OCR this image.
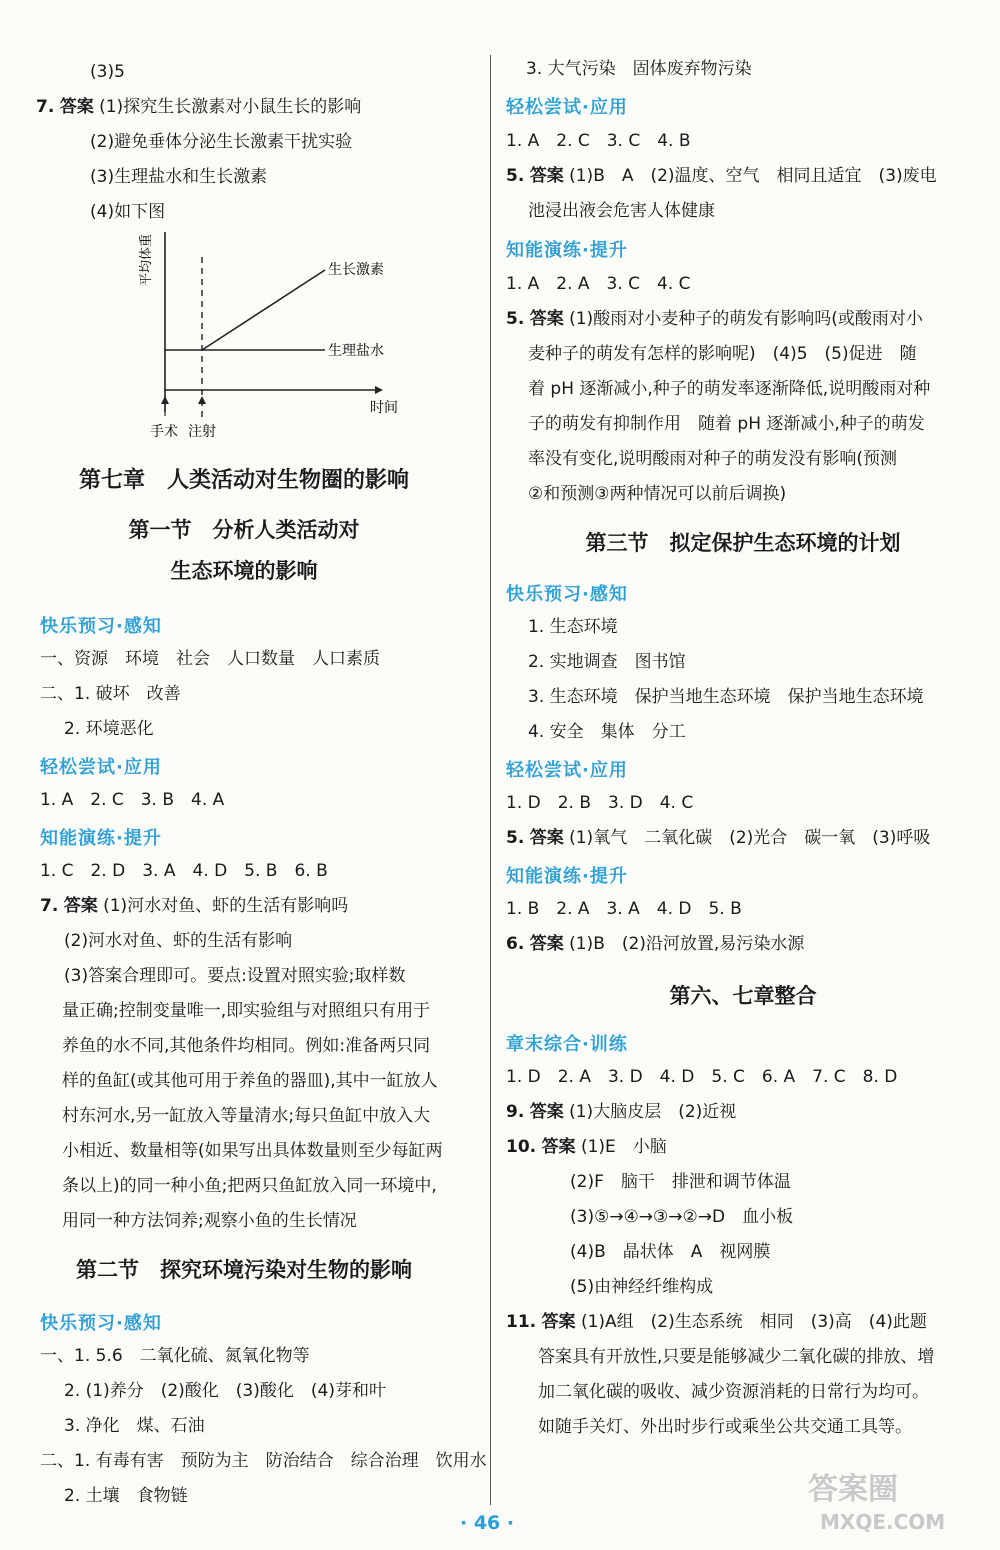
(3)5
7. 答案 (1)探究生长激素对小鼠生长的影响
(2)避免垂体分泌生长激素干扰实验
(3)生理盐水和生长激素
(4)如下图
平均体重	生长激素
生理盐水
时间
手术 注射
第七章　人类活动对生物圈的影响
第一节　分析人类活动对
生态环境的影响
快乐预习·感知
一、资源　环境　社会　人口数量　人口素质
二、1. 破坏　改善
2. 环境恶化
轻松尝试·应用
1. A　2. C　3. B　4. A
知能演练·提升
1. C　2. D　3. A　4. D　5. B　6. B
7. 答案 (1)河水对鱼、虾的生活有影响吗
(2)河水对鱼、虾的生活有影响
(3)答案合理即可。要点:设置对照实验;取样数
量正确;控制变量唯一,即实验组与对照组只有用于
养鱼的水不同,其他条件均相同。例如:准备两只同
样的鱼缸(或其他可用于养鱼的器皿),其中一缸放人
村东河水,另一缸放入等量清水;每只鱼缸中放入大
小相近、数量相等(如果写出具体数量则至少每缸两
条以上)的同一种小鱼;把两只鱼缸放入同一环境中,
用同一种方法饲养;观察小鱼的生长情况
第二节　探究环境污染对生物的影响
快乐预习·感知
一、1. 5.6　二氧化硫、氮氧化物等
2. (1)养分　(2)酸化　(3)酸化　(4)芽和叶
3. 净化　煤、石油
二、1. 有毒有害　预防为主　防治结合　综合治理　饮用水
2. 土壤　食物链
3. 大气污染　固体废弃物污染
轻松尝试·应用
1. A　2. C　3. C　4. B
5. 答案 (1)B　A　(2)温度、空气　相同且适宜　(3)废电
池浸出液会危害人体健康
知能演练·提升
1. A　2. A　3. C　4. C
5. 答案 (1)酸雨对小麦种子的萌发有影响吗(或酸雨对小
麦种子的萌发有怎样的影响呢)　(4)5　(5)促进　随
着 pH 逐渐减小,种子的萌发率逐渐降低,说明酸雨对种
子的萌发有抑制作用　随着 pH 逐渐减小,种子的萌发
率没有变化,说明酸雨对种子的萌发没有影响(预测
②和预测③两种情况可以前后调换)
第三节　拟定保护生态环境的计划
快乐预习·感知
1. 生态环境
2. 实地调查　图书馆
3. 生态环境　保护当地生态环境　保护当地生态环境
4. 安全　集体　分工
轻松尝试·应用
1. D　2. B　3. D　4. C
5. 答案 (1)氧气　二氧化碳　(2)光合　碳一氧　(3)呼吸
知能演练·提升
1. B　2. A　3. A　4. D　5. B
6. 答案 (1)B　(2)沿河放置,易污染水源
第六、七章整合
章末综合·训练
1. D　2. A　3. D　4. D　5. C　6. A　7. C　8. D
9. 答案 (1)大脑皮层　(2)近视
10. 答案 (1)E　小脑
(2)F　脑干　排泄和调节体温
(3)⑤→④→③→②→D　血小板
(4)B　晶状体　A　视网膜
(5)由神经纤维构成
11. 答案 (1)A组　(2)生态系统　相同　(3)高　(4)此题
答案具有开放性,只要是能够减少二氧化碳的排放、增
加二氧化碳的吸收、减少资源消耗的日常行为均可。
如随手关灯、外出时步行或乘坐公共交通工具等。
· 46 ·
答案圈
MXQE.COM
